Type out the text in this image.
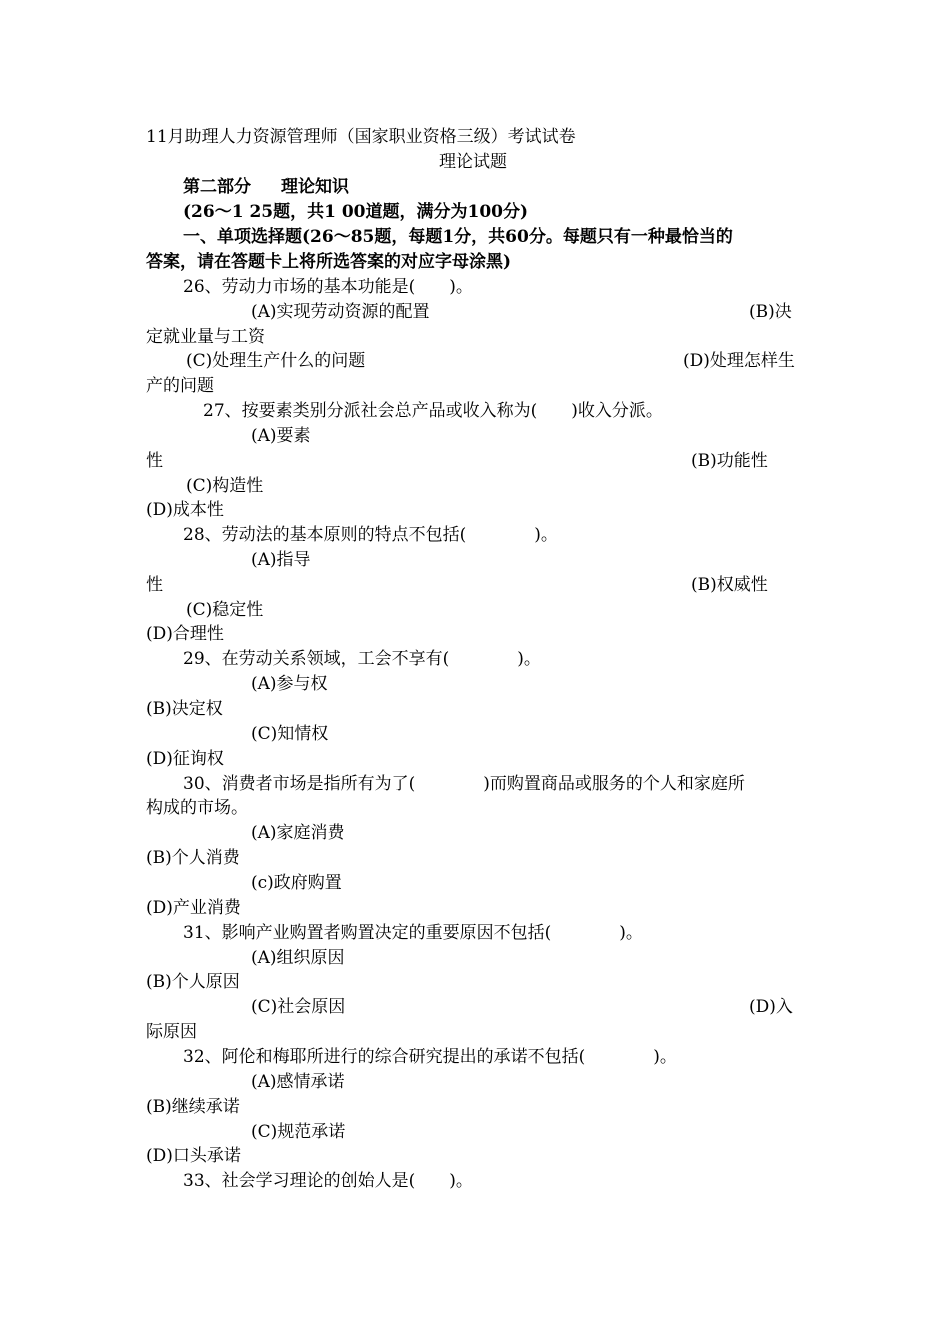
11月助理人力资源管理师（国家职业资格三级）考试试卷
理论试题
第二部分 理论知识
(26～1 25题，共1 00道题，满分为100分)
一、单项选择题(26～85题，每题1分，共60分。每题只有一种最恰当的
答案，请在答题卡上将所选答案的对应字母涂黑)
26、劳动力市场的基本功能是(　　)。
(A)实现劳动资源的配置	(B)决
定就业量与工资
(C)处理生产什么的问题	(D)处理怎样生
产的问题
27、按要素类别分派社会总产品或收入称为(　　)收入分派。
(A)要素
性	(B)功能性
(C)构造性
(D)成本性
28、劳动法的基本原则的特点不包括(　　　　)。
(A)指导
性	(B)权威性
(C)稳定性
(D)合理性
29、在劳动关系领域，工会不享有(　　　　)。
(A)参与权
(B)决定权
(C)知情权
(D)征询权
30、消费者市场是指所有为了(　　　　)而购置商品或服务的个人和家庭所
构成的市场。
(A)家庭消费
(B)个人消费
(c)政府购置
(D)产业消费
31、影响产业购置者购置决定的重要原因不包括(　　　　)。
(A)组织原因
(B)个人原因
(C)社会原因	(D)入
际原因
32、阿伦和梅耶所进行的综合研究提出的承诺不包括(　　　　)。
(A)感情承诺
(B)继续承诺
(C)规范承诺
(D)口头承诺
33、社会学习理论的创始人是(　　)。
